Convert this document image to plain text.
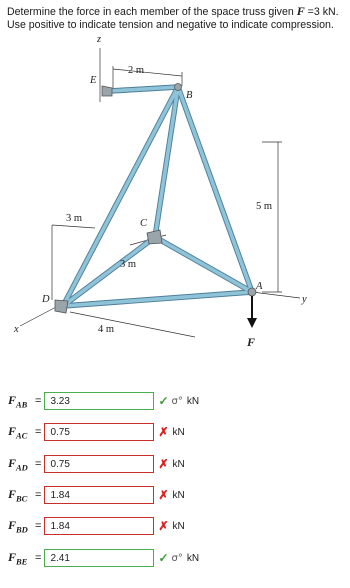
Determine the force in each member of the space truss given F =3 kN. Use positive to indicate tension and negative to indicate compression.
z
x
y
E
B
C
D
A
F
2 m
3 m
3 m
4 m
5 m
$F_{AB}$ =
3.23	✓ σ° kN
$F_{AC}$ =
0.75	✗ kN
$F_{AD}$ =
0.75	✗ kN
$F_{BC}$ =
1.84	✗ kN
$F_{BD}$ =
1.84	✗ kN
$F_{BE}$ =
2.41	✓ σ° kN
